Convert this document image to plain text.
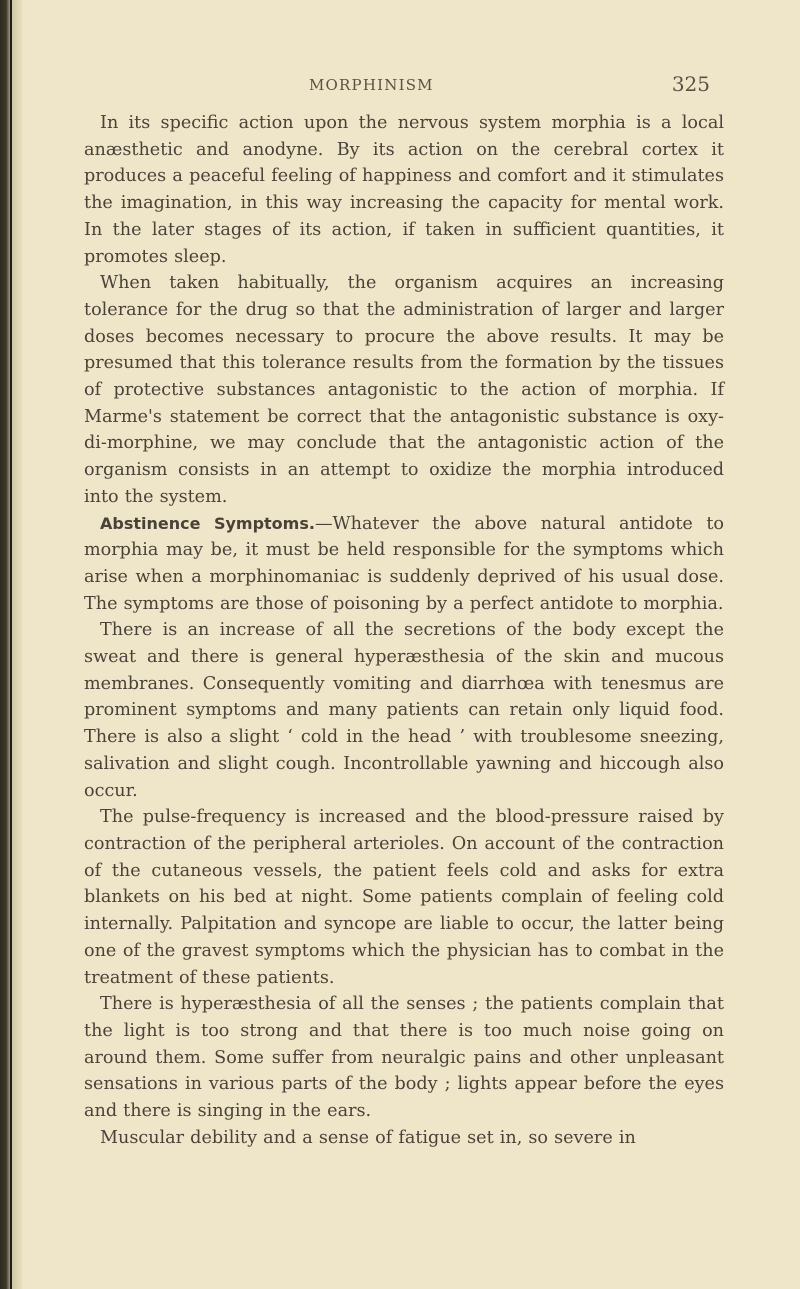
MORPHINISM	325

In its specific action upon the nervous system morphia is a local anæsthetic and anodyne. By its action on the cerebral cortex it produces a peaceful feeling of happiness and comfort and it stimulates the imagination, in this way increasing the capacity for mental work. In the later stages of its action, if taken in sufficient quantities, it promotes sleep.

When taken habitually, the organism acquires an increasing tolerance for the drug so that the administration of larger and larger doses becomes necessary to procure the above results. It may be presumed that this tolerance results from the formation by the tissues of protective substances antagonistic to the action of morphia. If Marme's statement be correct that the antagonistic substance is oxy-di-morphine, we may conclude that the antagonistic action of the organism consists in an attempt to oxidize the morphia introduced into the system.

Abstinence Symptoms.—Whatever the above natural antidote to morphia may be, it must be held responsible for the symptoms which arise when a morphinomaniac is suddenly deprived of his usual dose. The symptoms are those of poisoning by a perfect antidote to morphia.

There is an increase of all the secretions of the body except the sweat and there is general hyperæsthesia of the skin and mucous membranes. Consequently vomiting and diarrhœa with tenesmus are prominent symptoms and many patients can retain only liquid food. There is also a slight ‘ cold in the head ’ with troublesome sneezing, salivation and slight cough. Incontrollable yawning and hiccough also occur.

The pulse-frequency is increased and the blood-pressure raised by contraction of the peripheral arterioles. On account of the contraction of the cutaneous vessels, the patient feels cold and asks for extra blankets on his bed at night. Some patients complain of feeling cold internally. Palpitation and syncope are liable to occur, the latter being one of the gravest symptoms which the physician has to combat in the treatment of these patients.

There is hyperæsthesia of all the senses ; the patients complain that the light is too strong and that there is too much noise going on around them. Some suffer from neuralgic pains and other unpleasant sensations in various parts of the body ; lights appear before the eyes and there is singing in the ears.

Muscular debility and a sense of fatigue set in, so severe in
